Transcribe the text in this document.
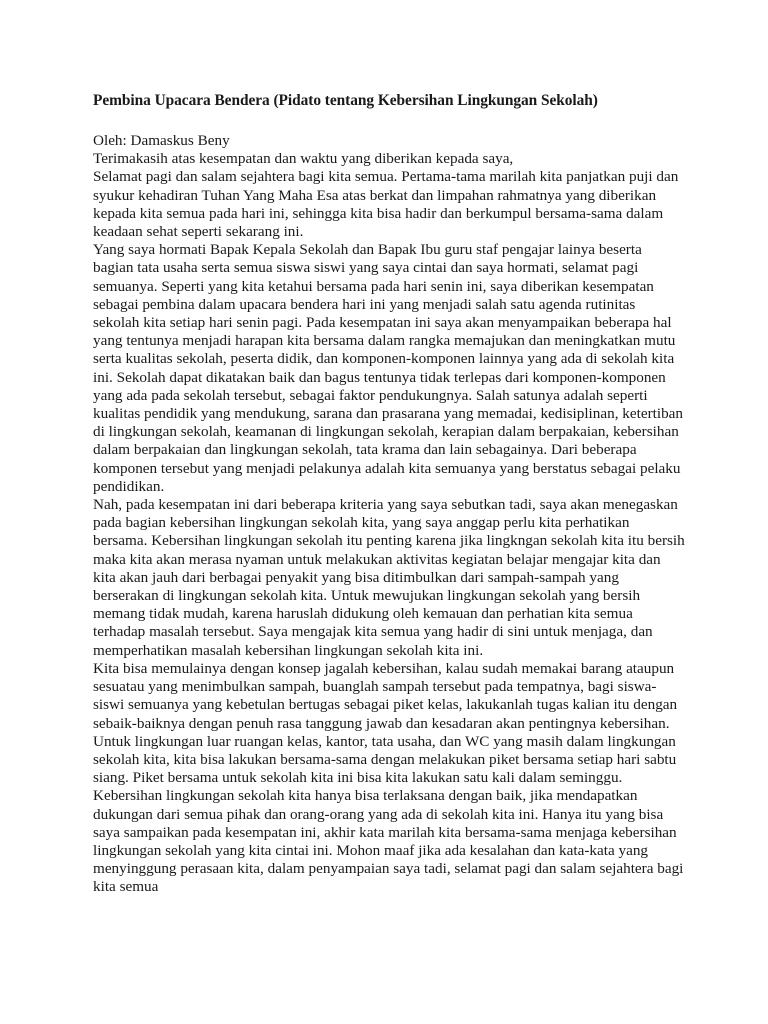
Pembina Upacara Bendera (Pidato tentang Kebersihan Lingkungan Sekolah)
Oleh: Damaskus Beny
Terimakasih atas kesempatan dan waktu yang diberikan kepada saya,
Selamat pagi dan salam sejahtera bagi kita semua. Pertama-tama marilah kita panjatkan puji dan
syukur kehadiran Tuhan Yang Maha Esa atas berkat dan limpahan rahmatnya yang diberikan
kepada kita semua pada hari ini, sehingga kita bisa hadir dan berkumpul bersama-sama dalam
keadaan sehat seperti sekarang ini.
Yang saya hormati Bapak Kepala Sekolah dan Bapak Ibu guru staf pengajar lainya beserta
bagian tata usaha serta semua siswa siswi yang saya cintai dan saya hormati, selamat pagi
semuanya. Seperti yang kita ketahui bersama pada hari senin ini, saya diberikan kesempatan
sebagai pembina dalam upacara bendera hari ini yang menjadi salah satu agenda rutinitas
sekolah kita setiap hari senin pagi. Pada kesempatan ini saya akan menyampaikan beberapa hal
yang tentunya menjadi harapan kita bersama dalam rangka memajukan dan meningkatkan mutu
serta kualitas sekolah, peserta didik, dan komponen-komponen lainnya yang ada di sekolah kita
ini. Sekolah dapat dikatakan baik dan bagus tentunya tidak terlepas dari komponen-komponen
yang ada pada sekolah tersebut, sebagai faktor pendukungnya. Salah satunya adalah seperti
kualitas pendidik yang mendukung, sarana dan prasarana yang memadai, kedisiplinan, ketertiban
di lingkungan sekolah, keamanan di lingkungan sekolah, kerapian dalam berpakaian, kebersihan
dalam berpakaian dan lingkungan sekolah, tata krama dan lain sebagainya. Dari beberapa
komponen tersebut yang menjadi pelakunya adalah kita semuanya yang berstatus sebagai pelaku
pendidikan.
Nah, pada kesempatan ini dari beberapa kriteria yang saya sebutkan tadi, saya akan menegaskan
pada bagian kebersihan lingkungan sekolah kita, yang saya anggap perlu kita perhatikan
bersama. Kebersihan lingkungan sekolah itu penting karena jika lingkngan sekolah kita itu bersih
maka kita akan merasa nyaman untuk melakukan aktivitas kegiatan belajar mengajar kita dan
kita akan jauh dari berbagai penyakit yang bisa ditimbulkan dari sampah-sampah yang
berserakan di lingkungan sekolah kita. Untuk mewujukan lingkungan sekolah yang bersih
memang tidak mudah, karena haruslah didukung oleh kemauan dan perhatian kita semua
terhadap masalah tersebut. Saya mengajak kita semua yang hadir di sini untuk menjaga, dan
memperhatikan masalah kebersihan lingkungan sekolah kita ini.
Kita bisa memulainya dengan konsep jagalah kebersihan, kalau sudah memakai barang ataupun
sesuatau yang menimbulkan sampah, buanglah sampah tersebut pada tempatnya, bagi siswa-
siswi semuanya yang kebetulan bertugas sebagai piket kelas, lakukanlah tugas kalian itu dengan
sebaik-baiknya dengan penuh rasa tanggung jawab dan kesadaran akan pentingnya kebersihan.
Untuk lingkungan luar ruangan kelas, kantor, tata usaha, dan WC yang masih dalam lingkungan
sekolah kita, kita bisa lakukan bersama-sama dengan melakukan piket bersama setiap hari sabtu
siang. Piket bersama untuk sekolah kita ini bisa kita lakukan satu kali dalam seminggu.
Kebersihan lingkungan sekolah kita hanya bisa terlaksana dengan baik, jika mendapatkan
dukungan dari semua pihak dan orang-orang yang ada di sekolah kita ini. Hanya itu yang bisa
saya sampaikan pada kesempatan ini, akhir kata marilah kita bersama-sama menjaga kebersihan
lingkungan sekolah yang kita cintai ini. Mohon maaf jika ada kesalahan dan kata-kata yang
menyinggung perasaan kita, dalam penyampaian saya tadi, selamat pagi dan salam sejahtera bagi
kita semua
